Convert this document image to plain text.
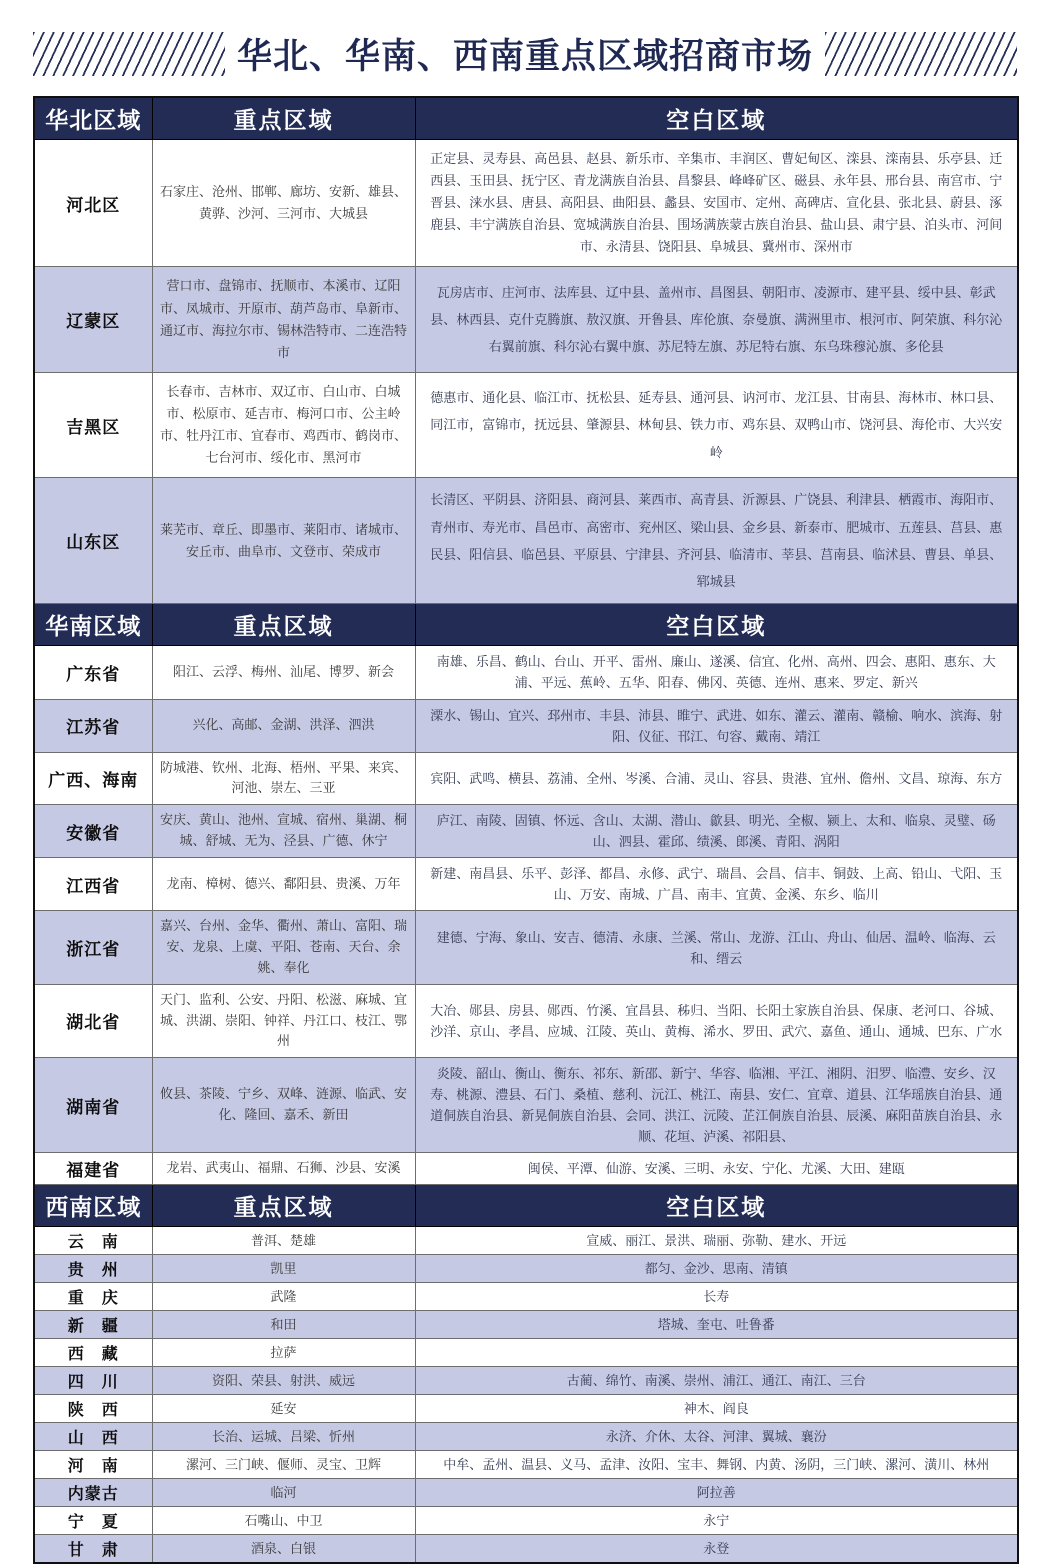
华北、华南、西南重点区域招商市场
华北区域	重点区域	空白区域
河北区	石家庄、沧州、邯郸、廊坊、安新、雄县、黄骅、沙河、三河市、大城县	正定县、灵寿县、高邑县、赵县、新乐市、辛集市、丰润区、曹妃甸区、滦县、滦南县、乐亭县、迁西县、玉田县、抚宁区、青龙满族自治县、昌黎县、峰峰矿区、磁县、永年县、邢台县、南宫市、宁晋县、涞水县、唐县、高阳县、曲阳县、蠡县、安国市、定州、高碑店、宣化县、张北县、蔚县、涿鹿县、丰宁满族自治县、宽城满族自治县、围场满族蒙古族自治县、盐山县、肃宁县、泊头市、河间市、永清县、饶阳县、阜城县、冀州市、深州市
辽蒙区	营口市、盘锦市、抚顺市、本溪市、辽阳市、凤城市、开原市、葫芦岛市、阜新市、通辽市、海拉尔市、锡林浩特市、二连浩特市	瓦房店市、庄河市、法库县、辽中县、盖州市、昌图县、朝阳市、凌源市、建平县、绥中县、彰武县、林西县、克什克腾旗、敖汉旗、开鲁县、库伦旗、奈曼旗、满洲里市、根河市、阿荣旗、科尔沁右翼前旗、科尔沁右翼中旗、苏尼特左旗、苏尼特右旗、东乌珠穆沁旗、多伦县
吉黑区	长春市、吉林市、双辽市、白山市、白城市、松原市、延吉市、梅河口市、公主岭市、牡丹江市、宜春市、鸡西市、鹤岗市、七台河市、绥化市、黑河市	德惠市、通化县、临江市、抚松县、延寿县、通河县、讷河市、龙江县、甘南县、海林市、林口县、同江市，富锦市，抚远县、肇源县、林甸县、铁力市、鸡东县、双鸭山市、饶河县、海伦市、大兴安岭
山东区	莱芜市、章丘、即墨市、莱阳市、诸城市、安丘市、曲阜市、文登市、荣成市	长清区、平阴县、济阳县、商河县、莱西市、高青县、沂源县、广饶县、利津县、栖霞市、海阳市、青州市、寿光市、昌邑市、高密市、兖州区、梁山县、金乡县、新泰市、肥城市、五莲县、莒县、惠民县、阳信县、临邑县、平原县、宁津县、齐河县、临清市、莘县、莒南县、临沭县、曹县、单县、郓城县
华南区域	重点区域	空白区域
广东省	阳江、云浮、梅州、汕尾、博罗、新会	南雄、乐昌、鹤山、台山、开平、雷州、廉山、遂溪、信宜、化州、高州、四会、惠阳、惠东、大浦、平远、蕉岭、五华、阳春、佛冈、英德、连州、惠来、罗定、新兴
江苏省	兴化、高邮、金湖、洪泽、泗洪	溧水、锡山、宜兴、邳州市、丰县、沛县、睢宁、武进、如东、灌云、灌南、赣榆、响水、滨海、射阳、仪征、邗江、句容、戴南、靖江
广西、海南	防城港、钦州、北海、梧州、平果、来宾、河池、崇左、三亚	宾阳、武鸣、横县、荔浦、全州、岑溪、合浦、灵山、容县、贵港、宜州、儋州、文昌、琼海、东方
安徽省	安庆、黄山、池州、宣城、宿州、巢湖、桐城、舒城、无为、泾县、广德、休宁	庐江、南陵、固镇、怀远、含山、太湖、潜山、歙县、明光、全椒、颍上、太和、临泉、灵璧、砀山、泗县、霍邱、绩溪、郎溪、青阳、涡阳
江西省	龙南、樟树、德兴、鄱阳县、贵溪、万年	新建、南昌县、乐平、彭泽、都昌、永修、武宁、瑞昌、会昌、信丰、铜鼓、上高、铅山、弋阳、玉山、万安、南城、广昌、南丰、宜黄、金溪、东乡、临川
浙江省	嘉兴、台州、金华、衢州、萧山、富阳、瑞安、龙泉、上虞、平阳、苍南、天台、余姚、奉化	建德、宁海、象山、安吉、德清、永康、兰溪、常山、龙游、江山、舟山、仙居、温岭、临海、云和、缙云
湖北省	天门、监利、公安、丹阳、松滋、麻城、宜城、洪湖、崇阳、钟祥、丹江口、枝江、鄂州	大冶、郧县、房县、郧西、竹溪、宜昌县、秭归、当阳、长阳土家族自治县、保康、老河口、谷城、沙洋、京山、孝昌、应城、江陵、英山、黄梅、浠水、罗田、武穴、嘉鱼、通山、通城、巴东、广水
湖南省	攸县、茶陵、宁乡、双峰、涟源、临武、安化、隆回、嘉禾、新田	炎陵、韶山、衡山、衡东、祁东、新邵、新宁、华容、临湘、平江、湘阴、汨罗、临澧、安乡、汉寿、桃源、澧县、石门、桑植、慈利、沅江、桃江、南县、安仁、宜章、道县、江华瑶族自治县、通道侗族自治县、新晃侗族自治县、会同、洪江、沅陵、芷江侗族自治县、辰溪、麻阳苗族自治县、永顺、花垣、泸溪、祁阳县、
福建省	龙岩、武夷山、福鼎、石狮、沙县、安溪	闽侯、平潭、仙游、安溪、三明、永安、宁化、尤溪、大田、建瓯
西南区域	重点区域	空白区域
云　南	普洱、楚雄	宣威、丽江、景洪、瑞丽、弥勒、建水、开远
贵　州	凯里	都匀、金沙、思南、清镇
重　庆	武隆	长寿
新　疆	和田	塔城、奎屯、吐鲁番
西　藏	拉萨	
四　川	资阳、荣县、射洪、威远	古蔺、绵竹、南溪、崇州、浦江、通江、南江、三台
陕　西	延安	神木、阎良
山　西	长治、运城、吕梁、忻州	永济、介休、太谷、河津、翼城、襄汾
河　南	漯河、三门峡、偃师、灵宝、卫辉	中牟、孟州、温县、义马、孟津、汝阳、宝丰、舞钢、内黄、汤阴，三门峡、漯河、潢川、林州
内蒙古	临河	阿拉善
宁　夏	石嘴山、中卫	永宁
甘　肃	酒泉、白银	永登
